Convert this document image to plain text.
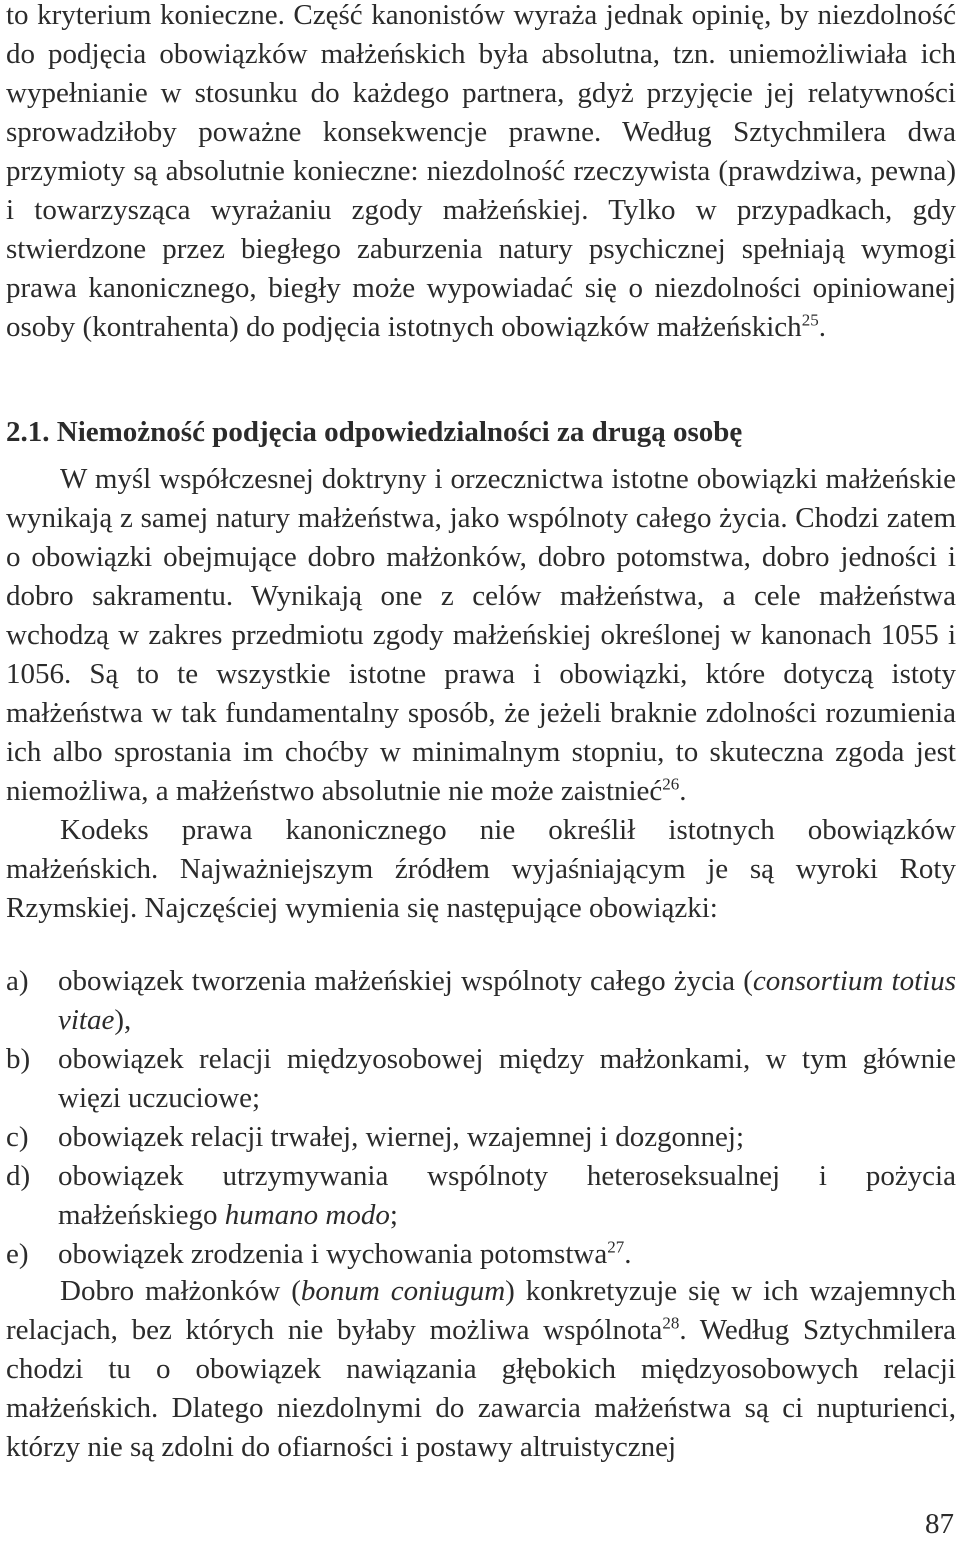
to kryterium konieczne. Część kanonistów wyraża jednak opinię, by niezdolność do podjęcia obowiązków małżeńskich była absolutna, tzn. uniemożliwiała ich wypełnianie w stosunku do każdego partnera, gdyż przyjęcie jej relatywności sprowadziłoby poważne konsekwencje prawne. Według Sztychmilera dwa przymioty są absolutnie konieczne: niezdolność rzeczywista (prawdziwa, pewna) i towarzysząca wyrażaniu zgody małżeńskiej. Tylko w przypadkach, gdy stwierdzone przez biegłego zaburzenia natury psychicznej spełniają wymogi prawa kanonicznego, biegły może wypowiadać się o niezdolności opiniowanej osoby (kontrahenta) do podjęcia istotnych obowiązków małżeńskich$^{25}$.

2.1. Niemożność podjęcia odpowiedzialności za drugą osobę

W myśl współczesnej doktryny i orzecznictwa istotne obowiązki małżeńskie wynikają z samej natury małżeństwa, jako wspólnoty całego życia. Chodzi zatem o obowiązki obejmujące dobro małżonków, dobro potomstwa, dobro jedności i dobro sakramentu. Wynikają one z celów małżeństwa, a cele małżeństwa wchodzą w zakres przedmiotu zgody małżeńskiej określonej w kanonach 1055 i 1056. Są to te wszystkie istotne prawa i obowiązki, które dotyczą istoty małżeństwa w tak fundamentalny sposób, że jeżeli braknie zdolności rozumienia ich albo sprostania im choćby w minimalnym stopniu, to skuteczna zgoda jest niemożliwa, a małżeństwo absolutnie nie może zaistnieć$^{26}$.

Kodeks prawa kanonicznego nie określił istotnych obowiązków małżeńskich. Najważniejszym źródłem wyjaśniającym je są wyroki Roty Rzymskiej. Najczęściej wymienia się następujące obowiązki:

a)	obowiązek tworzenia małżeńskiej wspólnoty całego życia (consortium totius vitae),
b) obowiązek relacji międzyosobowej między małżonkami, w tym głównie więzi uczuciowe;
c)	obowiązek relacji trwałej, wiernej, wzajemnej i dozgonnej;
d) obowiązek utrzymywania wspólnoty heteroseksualnej i pożycia małżeńskiego humano modo;
e)	obowiązek zrodzenia i wychowania potomstwa$^{27}$.

Dobro małżonków (bonum coniugum) konkretyzuje się w ich wzajemnych relacjach, bez których nie byłaby możliwa wspólnota$^{28}$. Według Sztychmilera chodzi tu o obowiązek nawiązania głębokich międzyosobowych relacji małżeńskich. Dlatego niezdolnymi do zawarcia małżeństwa są ci nupturienci, którzy nie są zdolni do ofiarności i postawy altruistycznej

87
